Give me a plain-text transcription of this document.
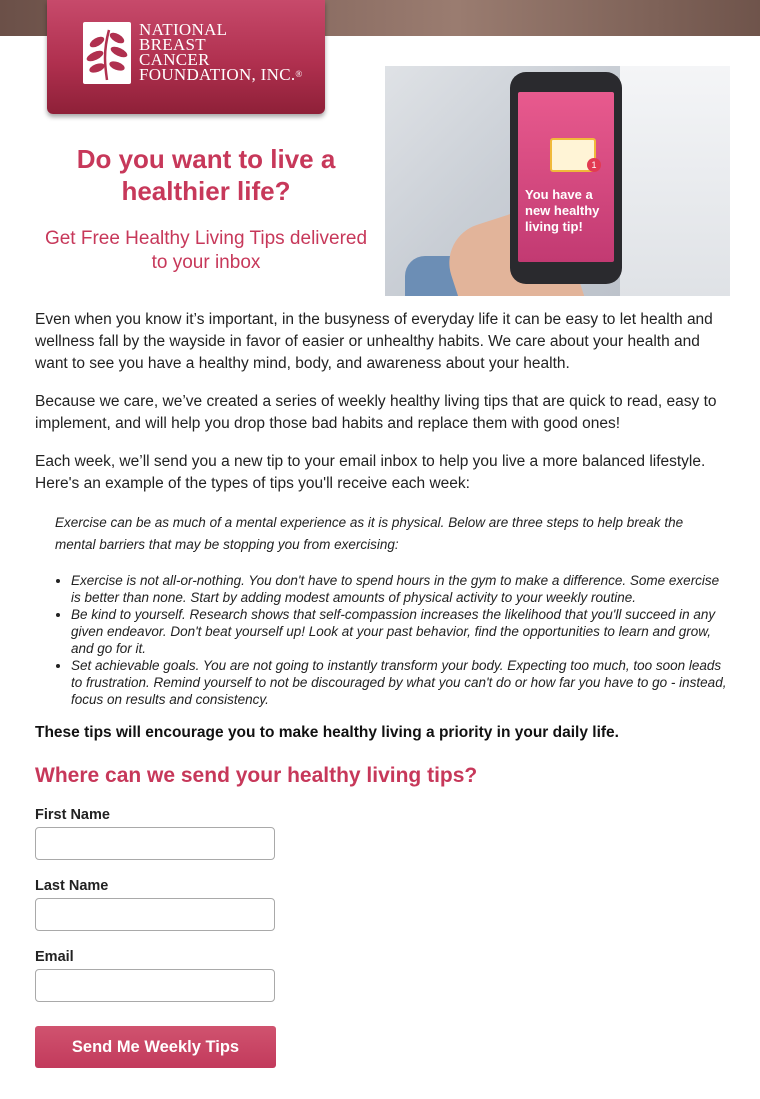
NATIONAL
BREAST
CANCER
FOUNDATION, INC.®
Do you want to live a healthier life?
Get Free Healthy Living Tips delivered to your inbox
1
You have a new healthy living tip!

Even when you know it’s important, in the busyness of everyday life it can be easy to let health and wellness fall by the wayside in favor of easier or unhealthy habits. We care about your health and want to see you have a healthy mind, body, and awareness about your health.

Because we care, we’ve created a series of weekly healthy living tips that are quick to read, easy to implement, and will help you drop those bad habits and replace them with good ones!

Each week, we’ll send you a new tip to your email inbox to help you live a more balanced lifestyle. Here's an example of the types of tips you'll receive each week:

Exercise can be as much of a mental experience as it is physical. Below are three steps to help break the mental barriers that may be stopping you from exercising:

• Exercise is not all-or-nothing. You don't have to spend hours in the gym to make a difference. Some exercise is better than none. Start by adding modest amounts of physical activity to your weekly routine.
• Be kind to yourself. Research shows that self-compassion increases the likelihood that you'll succeed in any given endeavor. Don't beat yourself up! Look at your past behavior, find the opportunities to learn and grow, and go for it.
• Set achievable goals. You are not going to instantly transform your body. Expecting too much, too soon leads to frustration. Remind yourself to not be discouraged by what you can't do or how far you have to go - instead, focus on results and consistency.

These tips will encourage you to make healthy living a priority in your daily life.

Where can we send your healthy living tips?
First Name
Last Name
Email
Send Me Weekly Tips
